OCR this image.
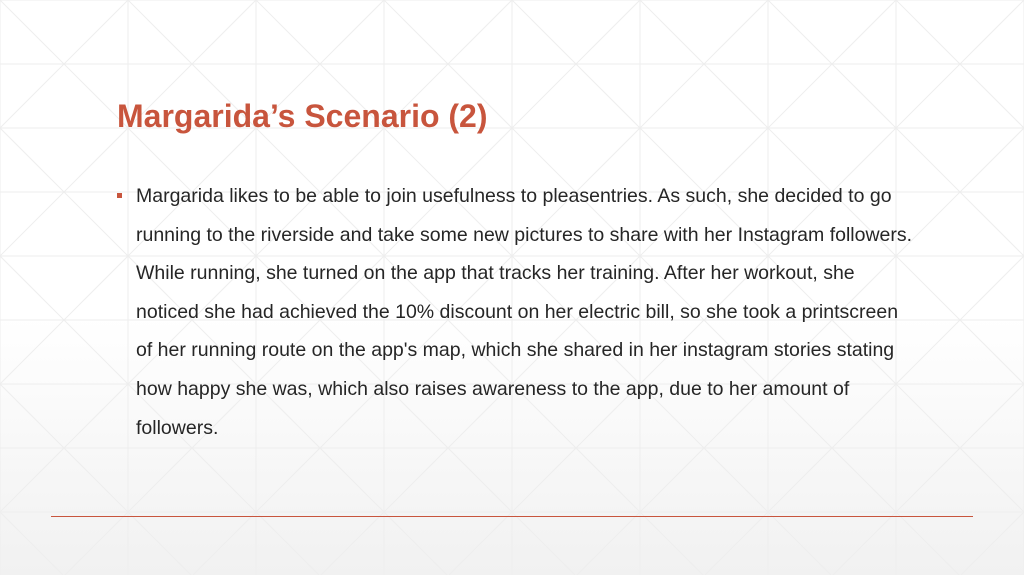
Margarida’s Scenario (2)
Margarida likes to be able to join usefulness to pleasentries. As such, she decided to go running to the riverside and take some new pictures to share with her Instagram followers. While running, she turned on the app that tracks her training. After her workout, she noticed she had achieved the 10% discount on her electric bill, so she took a printscreen of her running route on the app's map, which she shared in her instagram stories stating how happy she was, which also raises awareness to the app, due to her amount of followers.
